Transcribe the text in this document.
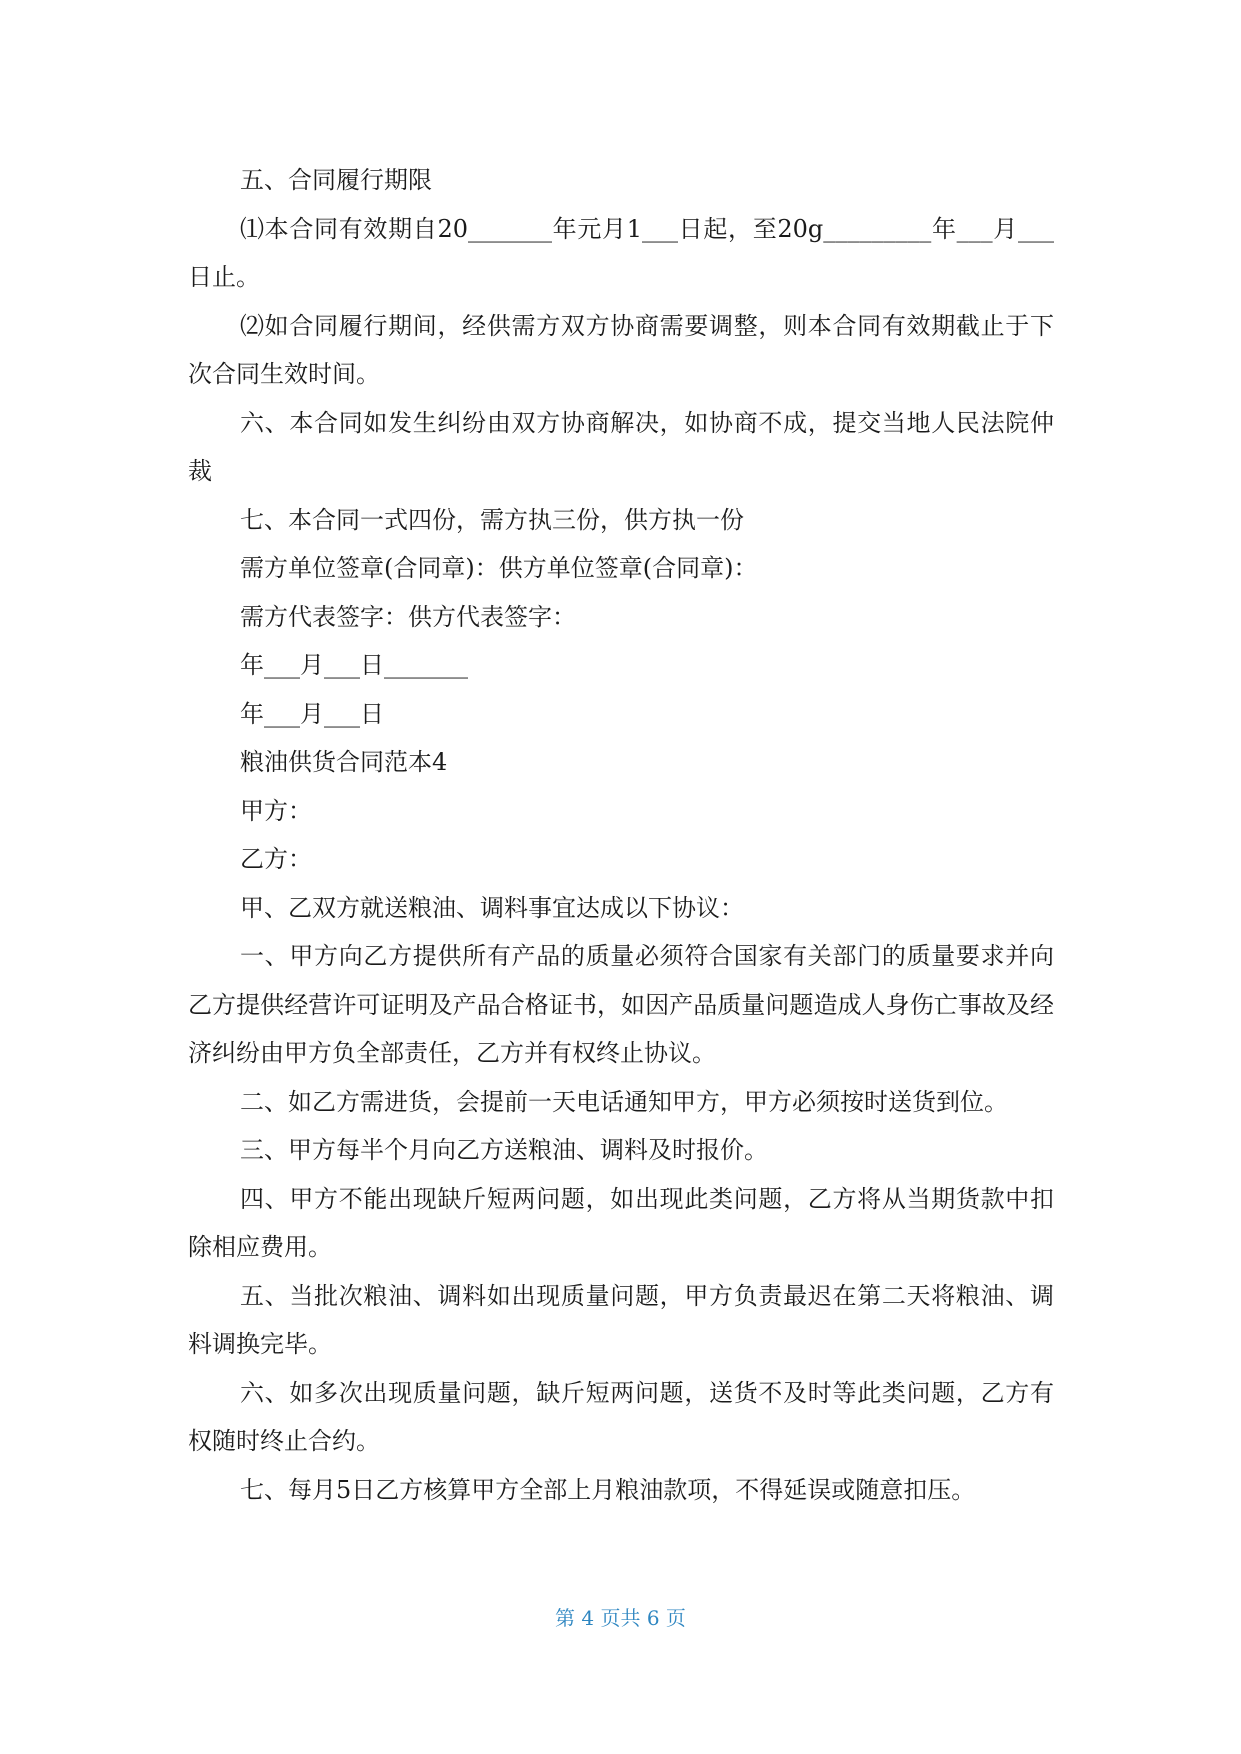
五、合同履行期限

⑴本合同有效期自20_______年元月1___日起，至20g_________年___月___日止。

⑵如合同履行期间，经供需方双方协商需要调整，则本合同有效期截止于下次合同生效时间。

六、本合同如发生纠纷由双方协商解决，如协商不成，提交当地人民法院仲裁

七、本合同一式四份，需方执三份，供方执一份

需方单位签章(合同章)：供方单位签章(合同章)：

需方代表签字：供方代表签字：

年___月___日_______

年___月___日

粮油供货合同范本4

甲方：

乙方：

甲、乙双方就送粮油、调料事宜达成以下协议：

一、甲方向乙方提供所有产品的质量必须符合国家有关部门的质量要求并向乙方提供经营许可证明及产品合格证书，如因产品质量问题造成人身伤亡事故及经济纠纷由甲方负全部责任，乙方并有权终止协议。

二、如乙方需进货，会提前一天电话通知甲方，甲方必须按时送货到位。

三、甲方每半个月向乙方送粮油、调料及时报价。

四、甲方不能出现缺斤短两问题，如出现此类问题，乙方将从当期货款中扣除相应费用。

五、当批次粮油、调料如出现质量问题，甲方负责最迟在第二天将粮油、调料调换完毕。

六、如多次出现质量问题，缺斤短两问题，送货不及时等此类问题，乙方有权随时终止合约。

七、每月5日乙方核算甲方全部上月粮油款项，不得延误或随意扣压。

第 4 页共 6 页
